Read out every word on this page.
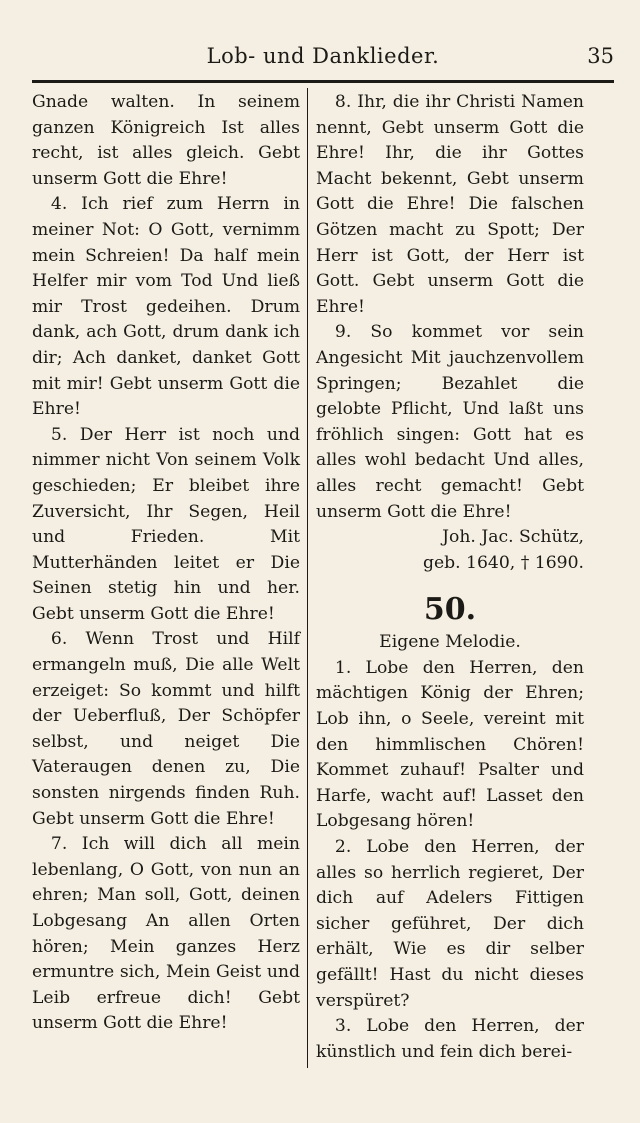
Lob- und Danklieder.	35

Gnade walten. In seinem ganzen Königreich Ist alles recht, ist alles gleich. Gebt unserm Gott die Ehre!

4. Ich rief zum Herrn in meiner Not: O Gott, vernimm mein Schreien! Da half mein Helfer mir vom Tod Und ließ mir Trost gedeihen. Drum dank, ach Gott, drum dank ich dir; Ach danket, danket Gott mit mir! Gebt unserm Gott die Ehre!

5. Der Herr ist noch und nimmer nicht Von seinem Volk geschieden; Er bleibet ihre Zuversicht, Ihr Segen, Heil und Frieden. Mit Mutterhänden leitet er Die Seinen stetig hin und her. Gebt unserm Gott die Ehre!

6. Wenn Trost und Hilf ermangeln muß, Die alle Welt erzeiget: So kommt und hilft der Ueberfluß, Der Schöpfer selbst, und neiget Die Vateraugen denen zu, Die sonsten nirgends finden Ruh. Gebt unserm Gott die Ehre!

7. Ich will dich all mein lebenlang, O Gott, von nun an ehren; Man soll, Gott, deinen Lobgesang An allen Orten hören; Mein ganzes Herz ermuntre sich, Mein Geist und Leib erfreue dich! Gebt unserm Gott die Ehre!

8. Ihr, die ihr Christi Namen nennt, Gebt unserm Gott die Ehre! Ihr, die ihr Gottes Macht bekennt, Gebt unserm Gott die Ehre! Die falschen Götzen macht zu Spott; Der Herr ist Gott, der Herr ist Gott. Gebt unserm Gott die Ehre!

9. So kommet vor sein Angesicht Mit jauchzenvollem Springen; Bezahlet die gelobte Pflicht, Und laßt uns fröhlich singen: Gott hat es alles wohl bedacht Und alles, alles recht gemacht! Gebt unserm Gott die Ehre!

Joh. Jac. Schütz,

geb. 1640, † 1690.

50.

Eigene Melodie.

1. Lobe den Herren, den mächtigen König der Ehren; Lob ihn, o Seele, vereint mit den himmlischen Chören! Kommet zuhauf! Psalter und Harfe, wacht auf! Lasset den Lobgesang hören!

2. Lobe den Herren, der alles so herrlich regieret, Der dich auf Adelers Fittigen sicher geführet, Der dich erhält, Wie es dir selber gefällt! Hast du nicht dieses verspüret?

3. Lobe den Herren, der künstlich und fein dich berei-
